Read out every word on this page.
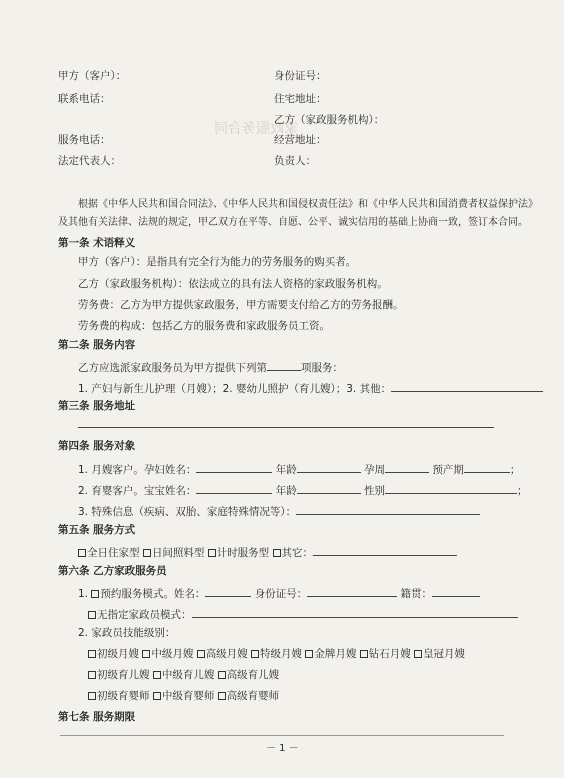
家政服务合同
甲方（客户）：	身份证号：
联系电话：	住宅地址：
乙方（家政服务机构）：
服务电话：	经营地址：
法定代表人：	负责人：
根据《中华人民共和国合同法》、《中华人民共和国侵权责任法》和《中华人民共和国消费者权益保护法》
及其他有关法律、法规的规定，甲乙双方在平等、自愿、公平、诚实信用的基础上协商一致，签订本合同。
第一条 术语释义
甲方（客户）：是指具有完全行为能力的劳务服务的购买者。
乙方（家政服务机构）：依法成立的具有法人资格的家政服务机构。
劳务费：乙方为甲方提供家政服务，甲方需要支付给乙方的劳务报酬。
劳务费的构成：包括乙方的服务费和家政服务员工资。
第二条 服务内容
乙方应选派家政服务员为甲方提供下列第	项服务：
1. 产妇与新生儿护理（月嫂）；2. 婴幼儿照护（育儿嫂）；3. 其他：
第三条 服务地址
第四条 服务对象
1. 月嫂客户。孕妇姓名：	年龄	孕周	预产期	；
2. 育婴客户。宝宝姓名：	年龄	性别	；
3. 特殊信息（疾病、双胎、家庭特殊情况等）：
第五条 服务方式
全日住家型 日间照料型 计时服务型 其它：
第六条 乙方家政服务员
1. 预约服务模式。姓名：	身份证号：	籍贯：
无指定家政员模式：
2. 家政员技能级别：
初级月嫂 中级月嫂 高级月嫂 特级月嫂 金牌月嫂 钻石月嫂 皇冠月嫂
初级育儿嫂 中级育儿嫂 高级育儿嫂
初级育婴师 中级育婴师 高级育婴师
第七条 服务期限
－ 1 －
